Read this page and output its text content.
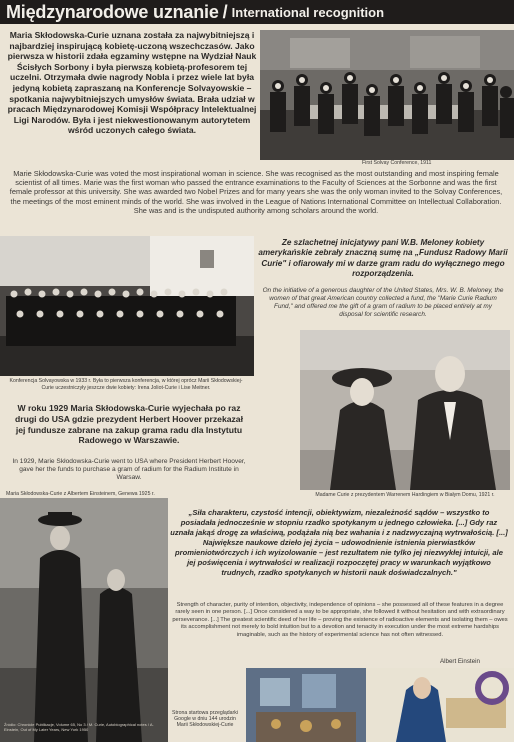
Międzynarodowe uznanie / International recognition
Maria Skłodowska-Curie uznana została za najwybitniejszą i najbardziej inspirującą kobietę-uczoną wszechczasów. Jako pierwsza w historii zdała egzaminy wstępne na Wydział Nauk Ścisłych Sorbony i była pierwszą kobietą-profesorem tej uczelni. Otrzymała dwie nagrody Nobla i przez wiele lat była jedyną kobietą zapraszaną na Konferencje Solvayowskie – spotkania najwybitniejszych umysłów świata. Brała udział w pracach Międzynarodowej Komisji Współpracy Intelektualnej Ligi Narodów. Była i jest niekwestionowanym autorytetem wśród uczonych całego świata.
First Solvay Conference, 1911
Marie Skłodowska-Curie was voted the most inspirational woman in science. She was recognised as the most outstanding and most inspiring female scientist of all times. Marie was the first woman who passed the entrance examinations to the Faculty of Sciences at the Sorbonne and was the first female professor at this university. She was awarded two Nobel Prizes and for many years she was the only woman invited to the Solvay Conferences, the meetings of the most eminent minds of the world. She was involved in the League of Nations International Committee on Intellectual Collaboration. She was and is the undisputed authority among scholars around the world.
Konferencja Solvayowska w 1933 r. Była to pierwsza konferencja, w której oprócz Marii Skłodowskiej-Curie uczestniczyły jeszcze dwie kobiety: Irena Joliot-Curie i Lise Meitner.
Ze szlachetnej inicjatywy pani W.B. Meloney kobiety amerykańskie zebrały znaczną sumę na „Fundusz Radowy Marii Curie" i ofiarowały mi w darze gram radu do wyłącznego mego rozporządzenia.
On the initiative of a generous daughter of the United States, Mrs. W. B. Meloney, the women of that great American country collected a fund, the "Marie Curie Radium Fund," and offered me the gift of a gram of radium to be placed entirely at my disposal for scientific research.
W roku 1929 Maria Skłodowska-Curie wyjechała po raz drugi do USA gdzie prezydent Herbert Hoover przekazał jej fundusze zabrane na zakup grama radu dla Instytutu Radowego w Warszawie.
In 1929, Marie Skłodowska-Curie went to USA where President Herbert Hoover, gave her the funds to purchase a gram of radium for the Radium Institute in Warsaw.
Madame Curie z prezydentem Warrenem Hardingiem w Białym Domu, 1921 r.
Maria Skłodowska-Curie z Albertem Einsteinem, Genewa 1925 r.
Źródło: Chronicle Publikacje, Volume 65, No 3 / M. Curie, Autobiographical notes / A. Einstein, Out of My Later Years, New York 1950
„Siła charakteru, czystość intencji, obiektywizm, niezależność sądów – wszystko to posiadała jednocześnie w stopniu rzadko spotykanym u jednego człowieka. [...] Gdy raz uznała jakąś drogę za właściwą, podążała nią bez wahania i z nadzwyczajną wytrwałością. [...] Największe naukowe dzieło jej życia – udowodnienie istnienia pierwiastków promieniotwórczych i ich wyizolowanie – jest rezultatem nie tylko jej niezwykłej intuicji, ale jej poświęcenia i wytrwałości w realizacji rozpoczętej pracy w warunkach wyjątkowo trudnych, rzadko spotykanych w historii nauk doświadczalnych."
Strength of character, purity of intention, objectivity, independence of opinions – she possessed all of these features in a degree rarely seen in one person. [...] Once considered a way to be appropriate, she followed it without hesitation and with extraordinary perseverance. [...] The greatest scientific deed of her life – proving the existence of radioactive elements and isolating them – owes its accomplishment not merely to bold intuition but to a devotion and tenacity in execution under the most extreme hardships imaginable, such as the history of experimental science has not often witnessed.
Albert Einstein
Strona startowa przeglądarki Google w dniu 144 urodzin Marii Skłodowskiej-Curie
